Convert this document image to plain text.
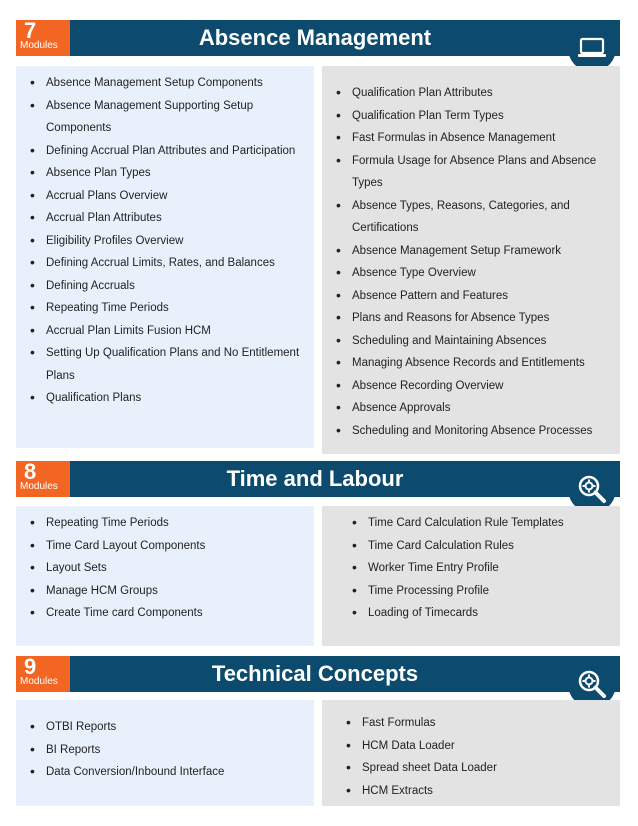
7
Modules	Absence Management
• Absence Management Setup Components
• Absence Management Supporting Setup Components
• Defining Accrual Plan Attributes and Participation
• Absence Plan Types
• Accrual Plans Overview
• Accrual Plan Attributes
• Eligibility Profiles Overview
• Defining Accrual Limits, Rates, and Balances
• Defining Accruals
• Repeating Time Periods
• Accrual Plan Limits Fusion HCM
• Setting Up Qualification Plans and No Entitlement Plans
• Qualification Plans
• Qualification Plan Attributes
• Qualification Plan Term Types
• Fast Formulas in Absence Management
• Formula Usage for Absence Plans and Absence Types
• Absence Types, Reasons, Categories, and Certifications
• Absence Management Setup Framework
• Absence Type Overview
• Absence Pattern and Features
• Plans and Reasons for Absence Types
• Scheduling and Maintaining Absences
• Managing Absence Records and Entitlements
• Absence Recording Overview
• Absence Approvals
• Scheduling and Monitoring Absence Processes
8
Modules	Time and Labour
• Repeating Time Periods
• Time Card Layout Components
• Layout Sets
• Manage HCM Groups
• Create Time card Components
• Time Card Calculation Rule Templates
• Time Card Calculation Rules
• Worker Time Entry Profile
• Time Processing Profile
• Loading of Timecards
9
Modules	Technical Concepts
• OTBI Reports
• BI Reports
• Data Conversion/Inbound Interface
• Fast Formulas
• HCM Data Loader
• Spread sheet Data Loader
• HCM Extracts
